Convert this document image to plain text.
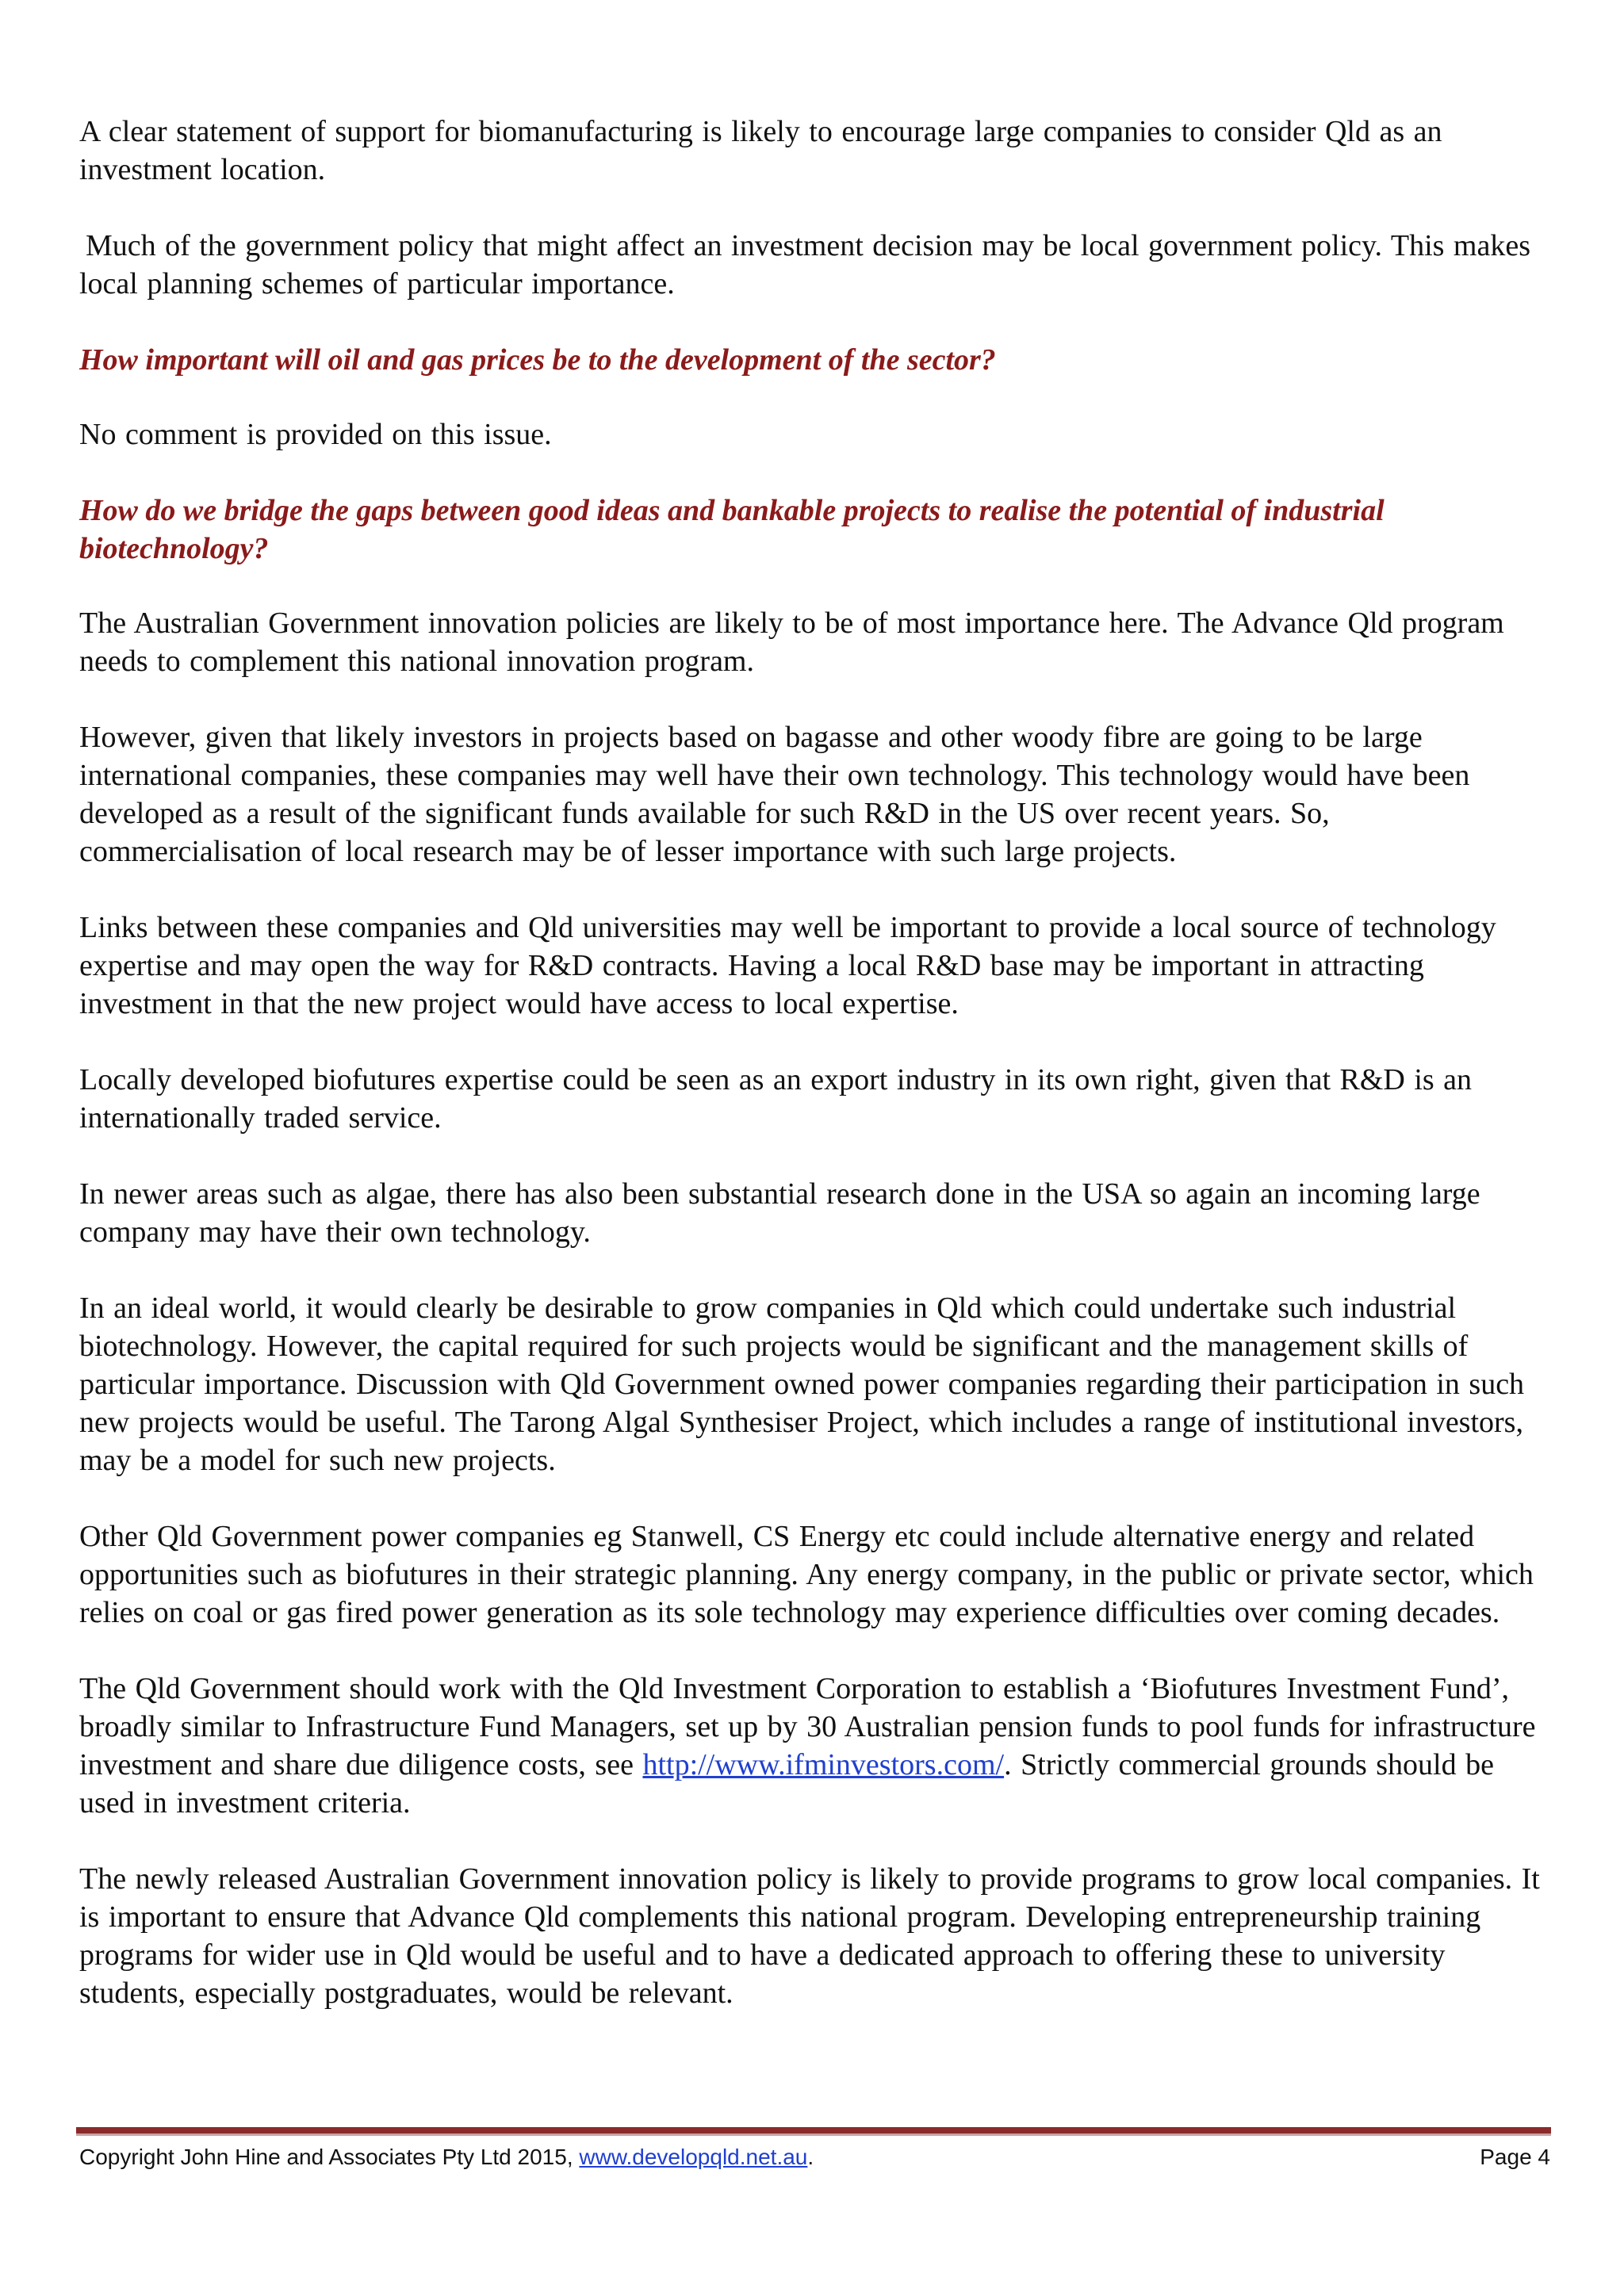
A clear statement of support for biomanufacturing is likely to encourage large companies to consider Qld as an investment location.

Much of the government policy that might affect an investment decision may be local government policy. This makes local planning schemes of particular importance.

How important will oil and gas prices be to the development of the sector?

No comment is provided on this issue.

How do we bridge the gaps between good ideas and bankable projects to realise the potential of industrial biotechnology?

The Australian Government innovation policies are likely to be of most importance here. The Advance Qld program needs to complement this national innovation program.

However, given that likely investors in projects based on bagasse and other woody fibre are going to be large international companies, these companies may well have their own technology. This technology would have been developed as a result of the significant funds available for such R&D in the US over recent years. So, commercialisation of local research may be of lesser importance with such large projects.

Links between these companies and Qld universities may well be important to provide a local source of technology expertise and may open the way for R&D contracts. Having a local R&D base may be important in attracting investment in that the new project would have access to local expertise.

Locally developed biofutures expertise could be seen as an export industry in its own right, given that R&D is an internationally traded service.

In newer areas such as algae, there has also been substantial research done in the USA so again an incoming large company may have their own technology.

In an ideal world, it would clearly be desirable to grow companies in Qld which could undertake such industrial biotechnology. However, the capital required for such projects would be significant and the management skills of particular importance. Discussion with Qld Government owned power companies regarding their participation in such new projects would be useful. The Tarong Algal Synthesiser Project, which includes a range of institutional investors, may be a model for such new projects.

Other Qld Government power companies eg Stanwell, CS Energy etc could include alternative energy and related opportunities such as biofutures in their strategic planning. Any energy company, in the public or private sector, which relies on coal or gas fired power generation as its sole technology may experience difficulties over coming decades.

The Qld Government should work with the Qld Investment Corporation to establish a ‘Biofutures Investment Fund’, broadly similar to Infrastructure Fund Managers, set up by 30 Australian pension funds to pool funds for infrastructure investment and share due diligence costs, see http://www.ifminvestors.com/. Strictly commercial grounds should be used in investment criteria.

The newly released Australian Government innovation policy is likely to provide programs to grow local companies. It is important to ensure that Advance Qld complements this national program. Developing entrepreneurship training programs for wider use in Qld would be useful and to have a dedicated approach to offering these to university students, especially postgraduates, would be relevant.

Copyright John Hine and Associates Pty Ltd 2015, www.developqld.net.au.	Page 4
